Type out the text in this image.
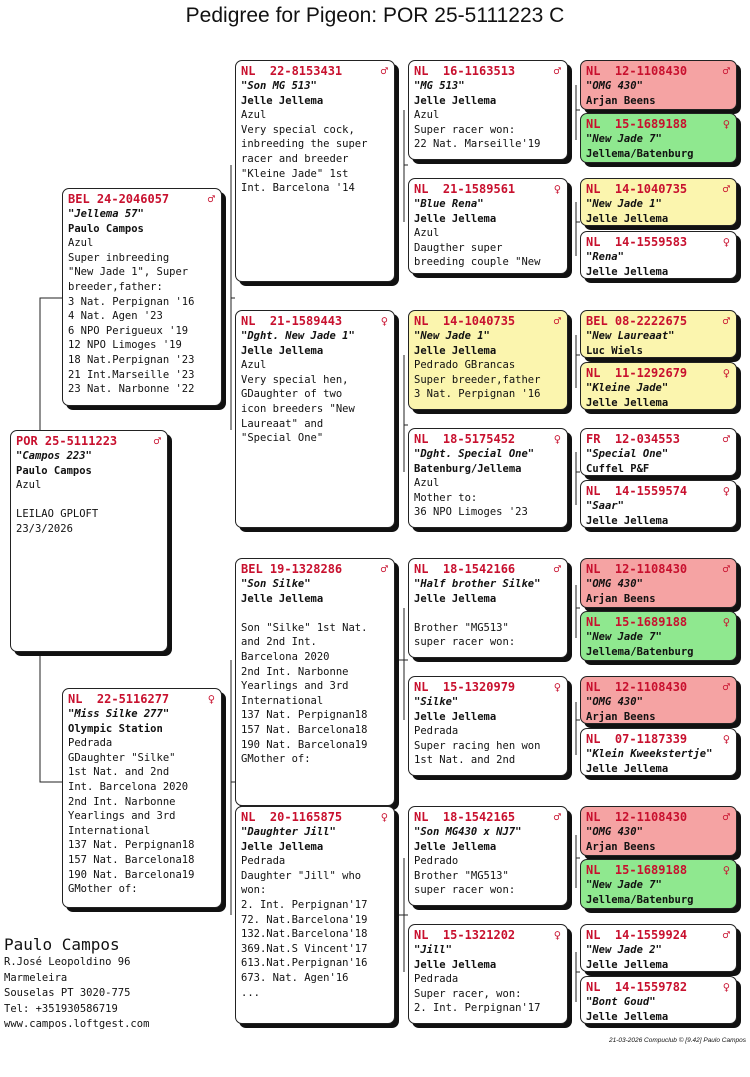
Pedigree for Pigeon: POR 25-5111223 C
POR 25-5111223	♂
"Campos 223"
Paulo Campos
Azul
LEILAO GPLOFT
23/3/2026
BEL 24-2046057	♂
"Jellema 57"
Paulo Campos
Azul
Super inbreeding
"New Jade 1", Super
breeder,father:
3 Nat. Perpignan '16
4 Nat. Agen '23
6 NPO Perigueux '19
12 NPO Limoges '19
18 Nat.Perpignan '23
21 Int.Marseille '23
23 Nat. Narbonne '22
NL  22-5116277	♀
"Miss Silke 277"
Olympic Station
Pedrada
GDaughter "Silke"
1st Nat. and 2nd
Int. Barcelona 2020
2nd Int. Narbonne
Yearlings and 3rd
International
137 Nat. Perpignan18
157 Nat. Barcelona18
190 Nat. Barcelona19
GMother of:
NL  22-8153431	♂
"Son MG 513"
Jelle Jellema
Azul
Very special cock,
inbreeding the super
racer and breeder
"Kleine Jade" 1st
Int. Barcelona '14
NL  21-1589443	♀
"Dght. New Jade 1"
Jelle Jellema
Azul
Very special hen,
GDaughter of two
icon breeders "New
Laureaat" and
"Special One"
BEL 19-1328286	♂
"Son Silke"
Jelle Jellema
Son "Silke" 1st Nat.
and 2nd Int.
Barcelona 2020
2nd Int. Narbonne
Yearlings and 3rd
International
137 Nat. Perpignan18
157 Nat. Barcelona18
190 Nat. Barcelona19
GMother of:
NL  20-1165875	♀
"Daughter Jill"
Jelle Jellema
Pedrada
Daughter "Jill" who
won:
2. Int. Perpignan'17
72. Nat.Barcelona'19
132.Nat.Barcelona'18
369.Nat.S Vincent'17
613.Nat.Perpignan'16
673. Nat. Agen'16
...
NL  16-1163513	♂
"MG 513"
Jelle Jellema
Azul
Super racer won:
22 Nat. Marseille'19
NL  21-1589561	♀
"Blue Rena"
Jelle Jellema
Azul
Daugther super
breeding couple "New
NL  14-1040735	♂
"New Jade 1"
Jelle Jellema
Pedrado GBrancas
Super breeder,father
3 Nat. Perpignan '16
NL  18-5175452	♀
"Dght. Special One"
Batenburg/Jellema
Azul
Mother to:
36 NPO Limoges '23
NL  18-1542166	♂
"Half brother Silke"
Jelle Jellema
Brother "MG513"
super racer won:
NL  15-1320979	♀
"Silke"
Jelle Jellema
Pedrada
Super racing hen won
1st Nat. and 2nd
NL  18-1542165	♂
"Son MG430 x NJ7"
Jelle Jellema
Pedrado
Brother "MG513"
super racer won:
NL  15-1321202	♀
"Jill"
Jelle Jellema
Pedrada
Super racer, won:
2. Int. Perpignan'17
NL  12-1108430	♂
"OMG 430"
Arjan Beens
NL  15-1689188	♀
"New Jade 7"
Jellema/Batenburg
NL  14-1040735	♂
"New Jade 1"
Jelle Jellema
NL  14-1559583	♀
"Rena"
Jelle Jellema
BEL 08-2222675	♂
"New Laureaat"
Luc Wiels
NL  11-1292679	♀
"Kleine Jade"
Jelle Jellema
FR  12-034553	♂
"Special One"
Cuffel P&F
NL  14-1559574	♀
"Saar"
Jelle Jellema
NL  12-1108430	♂
"OMG 430"
Arjan Beens
NL  15-1689188	♀
"New Jade 7"
Jellema/Batenburg
NL  12-1108430	♂
"OMG 430"
Arjan Beens
NL  07-1187339	♀
"Klein Kweekstertje"
Jelle Jellema
NL  12-1108430	♂
"OMG 430"
Arjan Beens
NL  15-1689188	♀
"New Jade 7"
Jellema/Batenburg
NL  14-1559924	♂
"New Jade 2"
Jelle Jellema
NL  14-1559782	♀
"Bont Goud"
Jelle Jellema
Paulo Campos
R.José Leopoldino 96
Marmeleira
Souselas PT 3020-775
Tel: +351930586719
www.campos.loftgest.com
21-03-2026 Compuclub © [9.42] Paulo Campos
